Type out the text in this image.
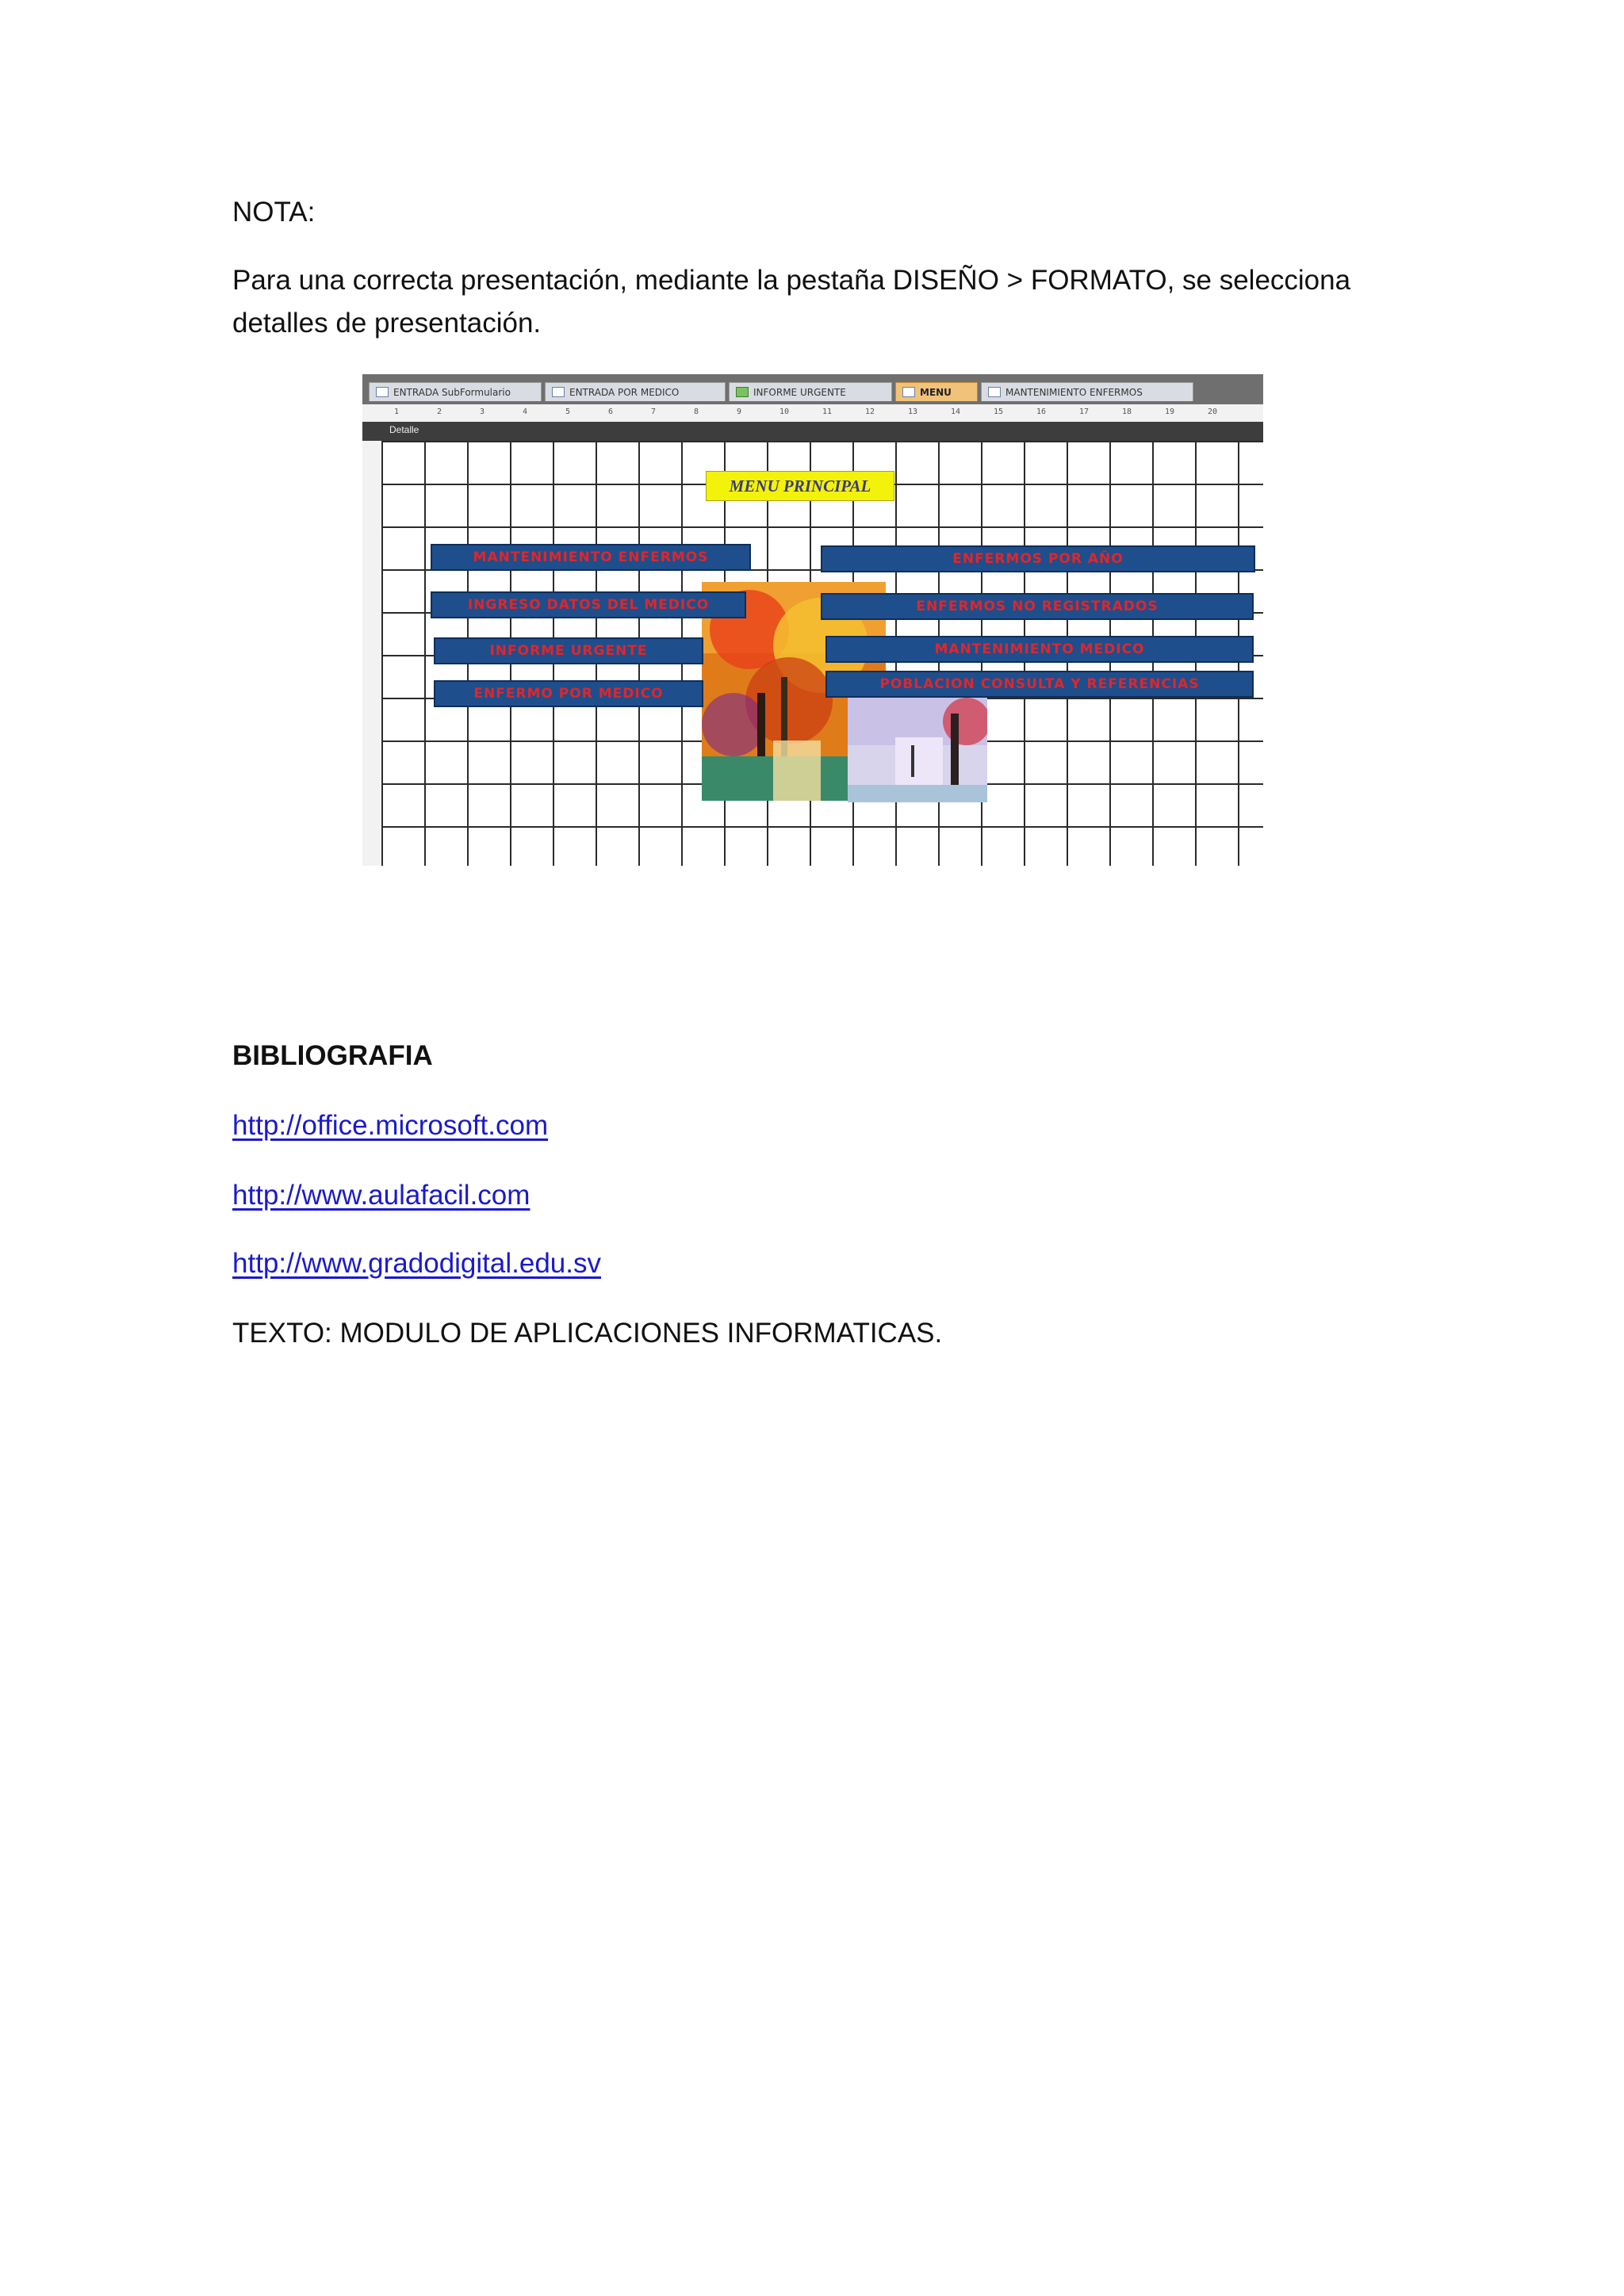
NOTA:

Para una correcta presentación, mediante la pestaña DISEÑO > FORMATO, se selecciona

detalles de presentación.

ENTRADA SubFormulario	ENTRADA POR MEDICO	INFORME URGENTE	MENU	MANTENIMIENTO ENFERMOS
1	2	3	4	5	6	7	8	9	10	11	12	13	14	15	16	17	18	19	20
Detalle
MENU PRINCIPAL
MANTENIMIENTO ENFERMOS
INGRESO DATOS DEL MEDICO
INFORME URGENTE
ENFERMO POR MEDICO
ENFERMOS POR AÑO
ENFERMOS NO REGISTRADOS
MANTENIMIENTO MEDICO
POBLACION CONSULTA Y REFERENCIAS

BIBLIOGRAFIA

http://office.microsoft.com

http://www.aulafacil.com

http://www.gradodigital.edu.sv

TEXTO: MODULO DE APLICACIONES INFORMATICAS.
